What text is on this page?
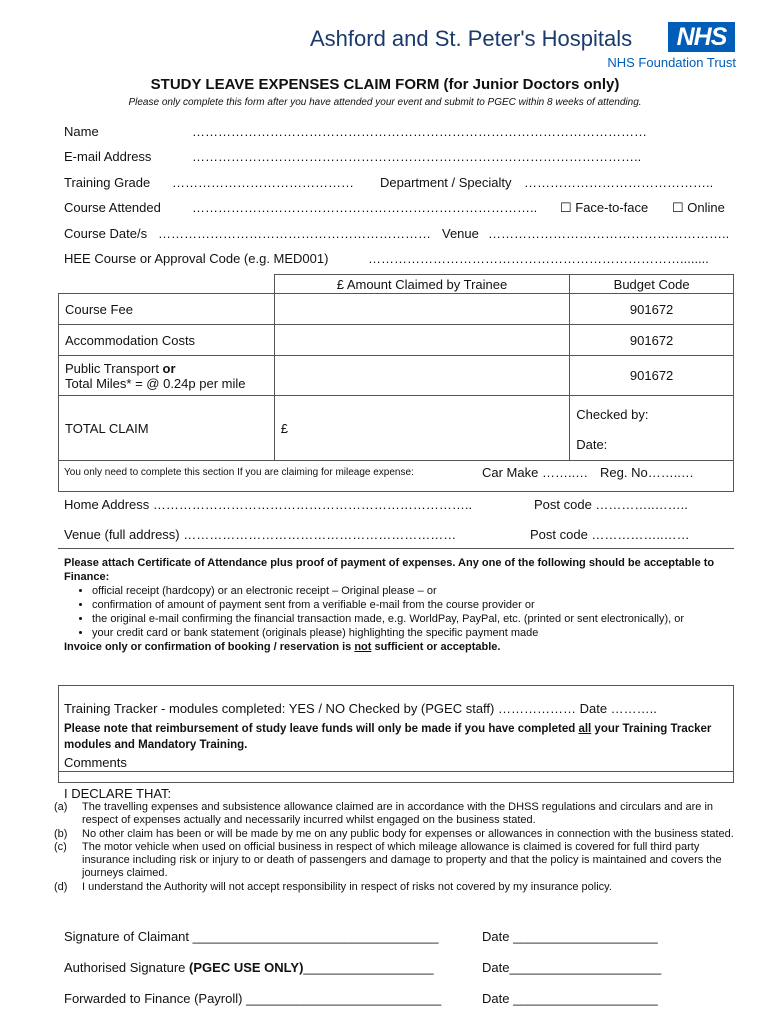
Ashford and St. Peter's Hospitals	NHS
NHS Foundation Trust
STUDY LEAVE EXPENSES CLAIM FORM (for Junior Doctors only)
Please only complete this form after you have attended your event and submit to PGEC within 8 weeks of attending.
Name	……………………………………………………………………………………………
E-mail Address	…………………………………………………………………………………………..
Training Grade …………………………………… Department / Specialty ……………………………………..
Course Attended …………………………………………………………………….. ☐ Face-to-face ☐ Online
Course Date/s ……………………………………………………… Venue ………………………………………………..
HEE Course or Approval Code (e.g. MED001)	………………………………………………………………........
	£ Amount Claimed by Trainee	Budget Code
Course Fee		901672
Accommodation Costs		901672
Public Transport or
Total Miles* = @ 0.24p per mile		901672
TOTAL CLAIM	£	Checked by:
Date:
You only need to complete this section If you are claiming for mileage expense:	Car Make ……..… Reg. No……..…
Home Address ………………………………………………………………..	Post code …………..……..
Venue (full address) ………………………………………………………	Post code ……………..……
Please attach Certificate of Attendance plus proof of payment of expenses. Any one of the following should be acceptable to Finance:
• official receipt (hardcopy) or an electronic receipt – Original please – or
• confirmation of amount of payment sent from a verifiable e-mail from the course provider or
• the original e-mail confirming the financial transaction made, e.g. WorldPay, PayPal, etc. (printed or sent electronically), or
• your credit card or bank statement (originals please) highlighting the specific payment made
Invoice only or confirmation of booking / reservation is not sufficient or acceptable.
Training Tracker - modules completed: YES / NO Checked by (PGEC staff) ……………… Date ………..
Please note that reimbursement of study leave funds will only be made if you have completed all your Training Tracker modules and Mandatory Training.
Comments
I DECLARE THAT:
(a)	The travelling expenses and subsistence allowance claimed are in accordance with the DHSS regulations and circulars and are in respect of expenses actually and necessarily incurred whilst engaged on the business stated.
(b)	No other claim has been or will be made by me on any public body for expenses or allowances in connection with the business stated.
(c)	The motor vehicle when used on official business in respect of which mileage allowance is claimed is covered for full third party insurance including risk or injury to or death of passengers and damage to property and that the policy is maintained and covers the journeys claimed.
(d)	I understand the Authority will not accept responsibility in respect of risks not covered by my insurance policy.
Signature of Claimant __________________________________	Date ____________________
Authorised Signature (PGEC USE ONLY)__________________	Date_____________________
Forwarded to Finance (Payroll) ___________________________	Date ____________________
